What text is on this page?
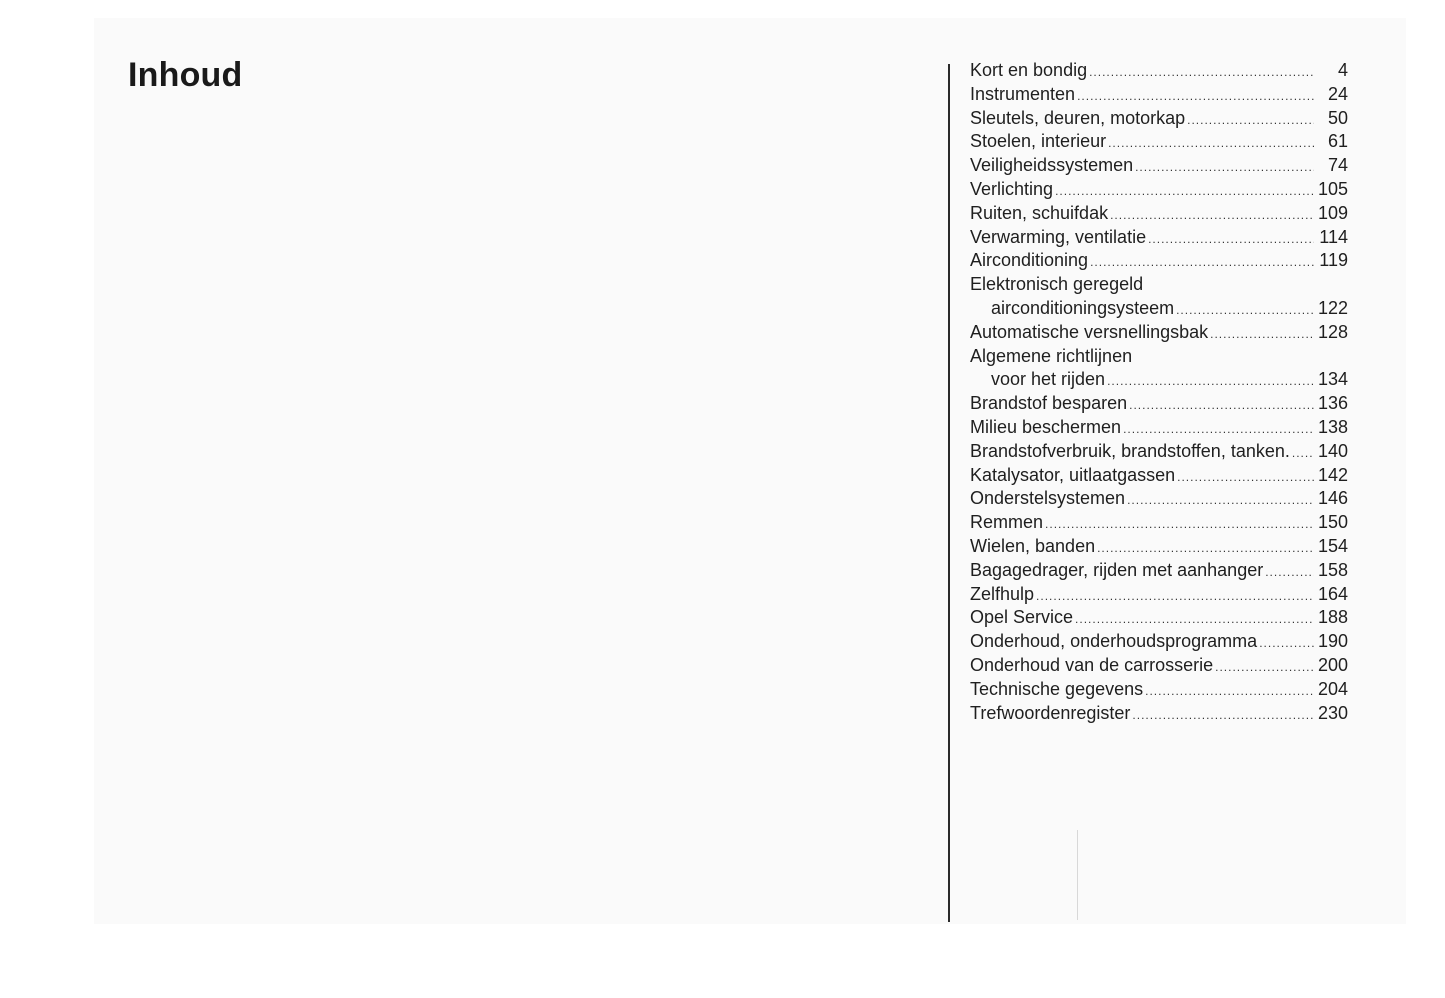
Inhoud	Kort en bondig .....	4
Instrumenten .....	24
Sleutels, deuren, motorkap .....	50
Stoelen, interieur .....	61
Veiligheidssystemen .....	74
Verlichting .....	105
Ruiten, schuifdak .....	109
Verwarming, ventilatie .....	114
Airconditioning .....	119
Elektronisch geregeld
airconditioningsysteem .....	122
Automatische versnellingsbak .....	128
Algemene richtlijnen
voor het rijden .....	134
Brandstof besparen .....	136
Milieu beschermen .....	138
Brandstofverbruik, brandstoffen, tanken. ..... 140
Katalysator, uitlaatgassen .....	142
Onderstelsystemen .....	146
Remmen .....	150
Wielen, banden .....	154
Bagagedrager, rijden met aanhanger .....	158
Zelfhulp .....	164
Opel Service .....	188
Onderhoud, onderhoudsprogramma .....	190
Onderhoud van de carrosserie .....	200
Technische gegevens .....	204
Trefwoordenregister .....	230
